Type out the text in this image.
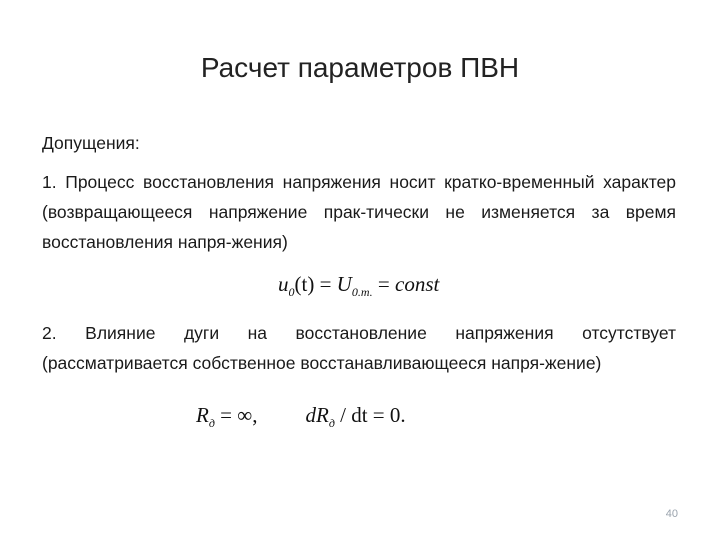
Расчет параметров ПВН
Допущения:
1. Процесс восстановления напряжения носит кратко-временный характер (возвращающееся напряжение прак-тически не изменяется за время восстановления напря-жения)
$u_0(t) = U_{0.т.}$ = const
2. Влияние дуги на восстановление напряжения отсутствует (рассматривается собственное восстанавливающееся напря-жение)
$R_д$ = ∞, $dR_д$ / dt = 0.
40
